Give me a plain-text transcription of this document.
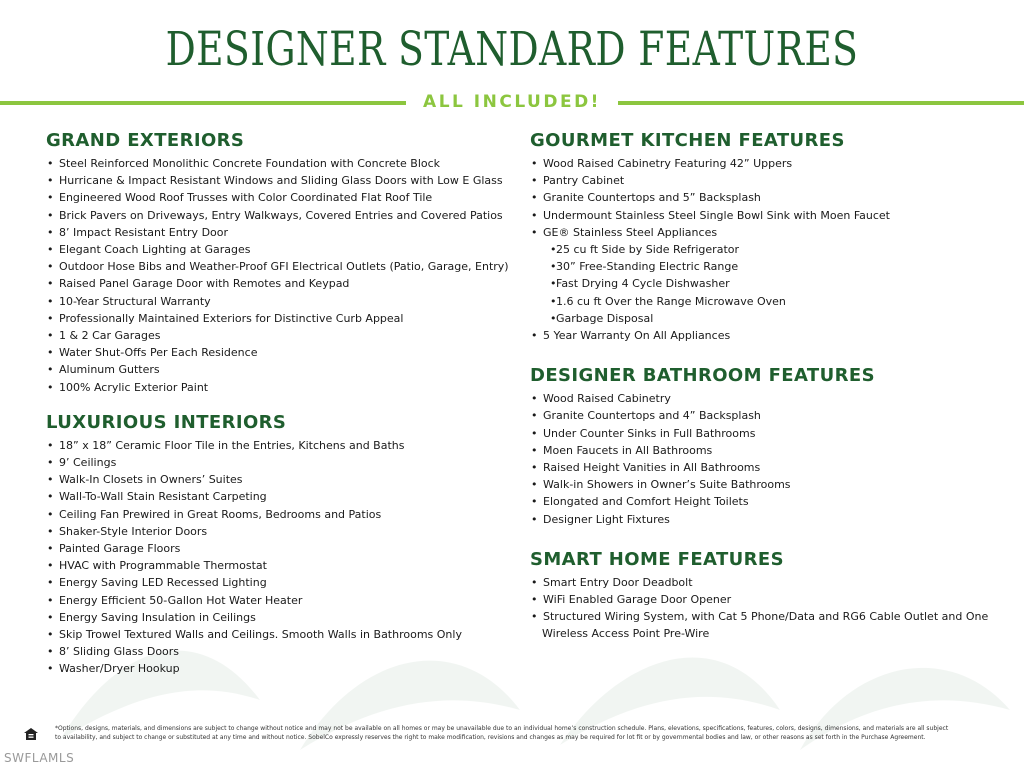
DESIGNER STANDARD FEATURES
ALL INCLUDED!
GRAND EXTERIORS
• Steel Reinforced Monolithic Concrete Foundation with Concrete Block
• Hurricane & Impact Resistant Windows and Sliding Glass Doors with Low E Glass
• Engineered Wood Roof Trusses with Color Coordinated Flat Roof Tile
• Brick Pavers on Driveways, Entry Walkways, Covered Entries and Covered Patios
• 8’ Impact Resistant Entry Door
• Elegant Coach Lighting at Garages
• Outdoor Hose Bibs and Weather-Proof GFI Electrical Outlets (Patio, Garage, Entry)
• Raised Panel Garage Door with Remotes and Keypad
• 10-Year Structural Warranty
• Professionally Maintained Exteriors for Distinctive Curb Appeal
• 1 & 2 Car Garages
• Water Shut-Offs Per Each Residence
• Aluminum Gutters
• 100% Acrylic Exterior Paint
LUXURIOUS INTERIORS
• 18” x 18” Ceramic Floor Tile in the Entries, Kitchens and Baths
• 9’ Ceilings
• Walk-In Closets in Owners’ Suites
• Wall-To-Wall Stain Resistant Carpeting
• Ceiling Fan Prewired in Great Rooms, Bedrooms and Patios
• Shaker-Style Interior Doors
• Painted Garage Floors
• HVAC with Programmable Thermostat
• Energy Saving LED Recessed Lighting
• Energy Efficient 50-Gallon Hot Water Heater
• Energy Saving Insulation in Ceilings
• Skip Trowel Textured Walls and Ceilings. Smooth Walls in Bathrooms Only
• 8’ Sliding Glass Doors
• Washer/Dryer Hookup
GOURMET KITCHEN FEATURES
• Wood Raised Cabinetry Featuring 42” Uppers
• Pantry Cabinet
• Granite Countertops and 5” Backsplash
• Undermount Stainless Steel Single Bowl Sink with Moen Faucet
• GE® Stainless Steel Appliances
• 25 cu ft Side by Side Refrigerator
• 30” Free-Standing Electric Range
• Fast Drying 4 Cycle Dishwasher
• 1.6 cu ft Over the Range Microwave Oven
• Garbage Disposal
• 5 Year Warranty On All Appliances
DESIGNER BATHROOM FEATURES
• Wood Raised Cabinetry
• Granite Countertops and 4” Backsplash
• Under Counter Sinks in Full Bathrooms
• Moen Faucets in All Bathrooms
• Raised Height Vanities in All Bathrooms
• Walk-in Showers in Owner’s Suite Bathrooms
• Elongated and Comfort Height Toilets
• Designer Light Fixtures
SMART HOME FEATURES
• Smart Entry Door Deadbolt
• WiFi Enabled Garage Door Opener
• Structured Wiring System, with Cat 5 Phone/Data and RG6 Cable Outlet and One
Wireless Access Point Pre-Wire
*Options, designs, materials, and dimensions are subject to change without notice and may not be available on all homes or may be unavailable due to an individual home’s construction schedule. Plans, elevations, specifications, features, colors, designs, dimensions, and materials are all subject
to availability, and subject to change or substituted at any time and without notice. SobelCo expressly reserves the right to make modification, revisions and changes as may be required for lot fit or by governmental bodies and law, or other reasons as set forth in the Purchase Agreement.
SWFLAMLS
